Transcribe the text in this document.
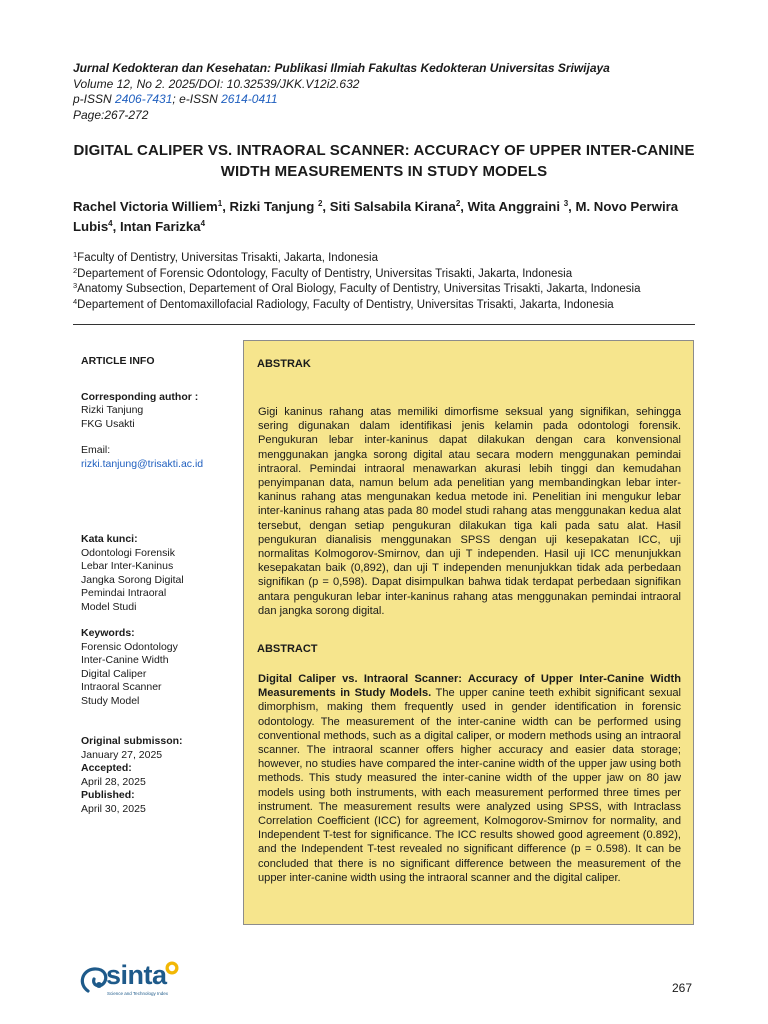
Jurnal Kedokteran dan Kesehatan: Publikasi Ilmiah Fakultas Kedokteran Universitas Sriwijaya
Volume 12, No 2. 2025/DOI: 10.32539/JKK.V12i2.632
p-ISSN 2406-7431; e-ISSN 2614-0411
Page:267-272
DIGITAL CALIPER VS. INTRAORAL SCANNER: ACCURACY OF UPPER INTER-CANINE
WIDTH MEASUREMENTS IN STUDY MODELS
Rachel Victoria Williem$^1$, Rizki Tanjung $^2$, Siti Salsabila Kirana$^2$, Wita Anggraini $^3$, M. Novo Perwira Lubis$^4$, Intan Farizka$^4$
$^1$Faculty of Dentistry, Universitas Trisakti, Jakarta, Indonesia
$^2$Departement of Forensic Odontology, Faculty of Dentistry, Universitas Trisakti, Jakarta, Indonesia
$^3$Anatomy Subsection, Departement of Oral Biology, Faculty of Dentistry, Universitas Trisakti, Jakarta, Indonesia
$^4$Departement of Dentomaxillofacial Radiology, Faculty of Dentistry, Universitas Trisakti, Jakarta, Indonesia
ARTICLE INFO
Corresponding author :
Rizki Tanjung
FKG Usakti
Email:
rizki.tanjung@trisakti.ac.id
Kata kunci:
Odontologi Forensik
Lebar Inter-Kaninus
Jangka Sorong Digital
Pemindai Intraoral
Model Studi
Keywords:
Forensic Odontology
Inter-Canine Width
Digital Caliper
Intraoral Scanner
Study Model
Original submisson:
January 27, 2025
Accepted:
April 28, 2025
Published:
April 30, 2025
ABSTRAK
Gigi kaninus rahang atas memiliki dimorfisme seksual yang signifikan, sehingga sering digunakan dalam identifikasi jenis kelamin pada odontologi forensik. Pengukuran lebar inter-kaninus dapat dilakukan dengan cara konvensional menggunakan jangka sorong digital atau secara modern menggunakan pemindai intraoral. Pemindai intraoral menawarkan akurasi lebih tinggi dan kemudahan penyimpanan data, namun belum ada penelitian yang membandingkan lebar inter-kaninus rahang atas mengunakan kedua metode ini. Penelitian ini mengukur lebar inter-kaninus rahang atas pada 80 model studi rahang atas menggunakan kedua alat tersebut, dengan setiap pengukuran dilakukan tiga kali pada satu alat. Hasil pengukuran dianalisis menggunakan SPSS dengan uji kesepakatan ICC, uji normalitas Kolmogorov-Smirnov, dan uji T independen. Hasil uji ICC menunjukkan kesepakatan baik (0,892), dan uji T independen menunjukkan tidak ada perbedaan signifikan (p = 0,598). Dapat disimpulkan bahwa tidak terdapat perbedaan signifikan antara pengukuran lebar inter-kaninus rahang atas menggunakan pemindai intraoral dan jangka sorong digital.
ABSTRACT
Digital Caliper vs. Intraoral Scanner: Accuracy of Upper Inter-Canine Width Measurements in Study Models. The upper canine teeth exhibit significant sexual dimorphism, making them frequently used in gender identification in forensic odontology. The measurement of the inter-canine width can be performed using conventional methods, such as a digital caliper, or modern methods using an intraoral scanner. The intraoral scanner offers higher accuracy and easier data storage; however, no studies have compared the inter-canine width of the upper jaw using both methods. This study measured the inter-canine width of the upper jaw on 80 jaw models using both instruments, with each measurement performed three times per instrument. The measurement results were analyzed using SPSS, with Intraclass Correlation Coefficient (ICC) for agreement, Kolmogorov-Smirnov for normality, and Independent T-test for significance. The ICC results showed good agreement (0.892), and the Independent T-test revealed no significant difference (p = 0.598). It can be concluded that there is no significant difference between the measurement of the upper inter-canine width using the intraoral scanner and the digital caliper.
sinta
Science and Technology Index	267
